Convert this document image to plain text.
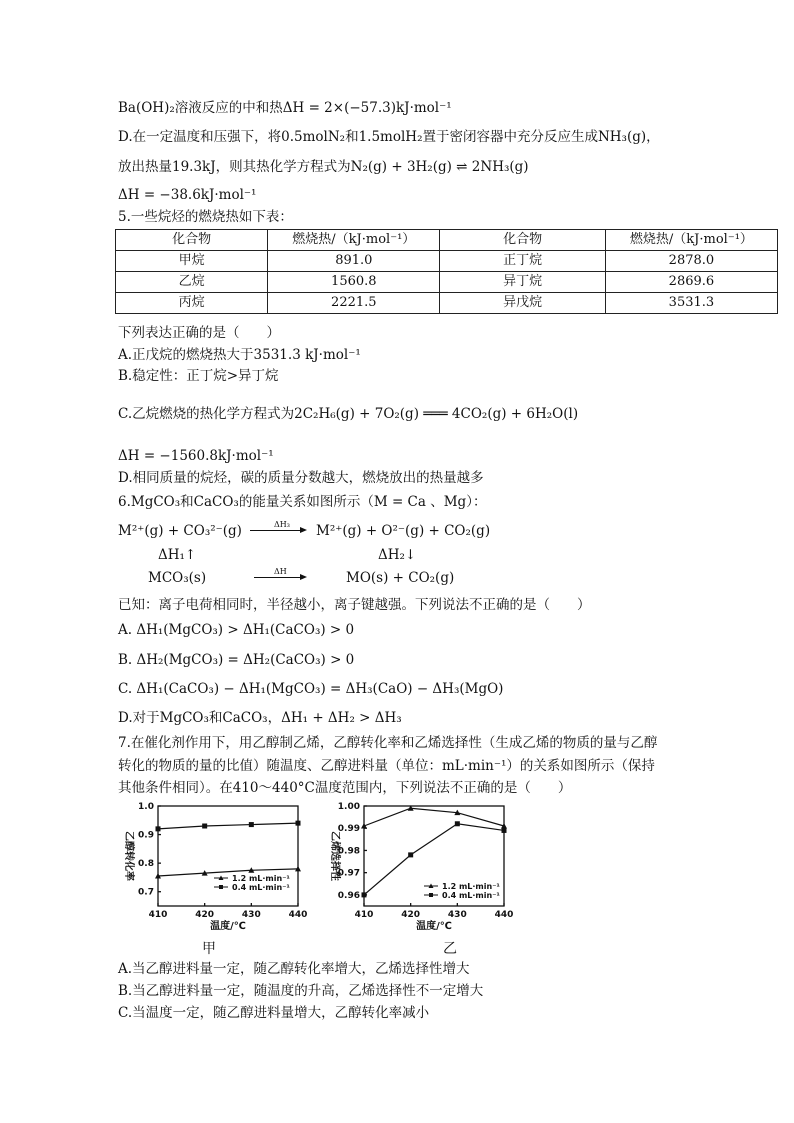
Ba(OH)₂溶液反应的中和热ΔH = 2×(−57.3)kJ·mol⁻¹
D.在一定温度和压强下，将0.5molN₂和1.5molH₂置于密闭容器中充分反应生成NH₃(g)，
放出热量19.3kJ，则其热化学方程式为N₂(g) + 3H₂(g) ⇌ 2NH₃(g)
ΔH = −38.6kJ·mol⁻¹
5.一些烷烃的燃烧热如下表：
化合物	燃烧热/（kJ·mol⁻¹）	化合物	燃烧热/（kJ·mol⁻¹）
甲烷	891.0	正丁烷	2878.0
乙烷	1560.8	异丁烷	2869.6
丙烷	2221.5	异戊烷	3531.3
下列表达正确的是（　　）
A.正戊烷的燃烧热大于3531.3 kJ·mol⁻¹
B.稳定性：正丁烷>异丁烷
C.乙烷燃烧的热化学方程式为2C₂H₆(g) + 7O₂(g) ═══ 4CO₂(g) + 6H₂O(l)
ΔH = −1560.8kJ·mol⁻¹
D.相同质量的烷烃，碳的质量分数越大，燃烧放出的热量越多
6.MgCO₃和CaCO₃的能量关系如图所示（M = Ca 、Mg）：
M²⁺(g) + CO₃²⁻(g)	ΔH₃ M²⁺(g) + O²⁻(g) + CO₂(g)
ΔH₁↑	ΔH₂↓
MCO₃(s)	ΔH	MO(s) + CO₂(g)
已知：离子电荷相同时，半径越小，离子键越强。下列说法不正确的是（　　）
A. ΔH₁(MgCO₃) > ΔH₁(CaCO₃) > 0
B. ΔH₂(MgCO₃) = ΔH₂(CaCO₃) > 0
C. ΔH₁(CaCO₃) − ΔH₁(MgCO₃) = ΔH₃(CaO) − ΔH₃(MgO)
D.对于MgCO₃和CaCO₃，ΔH₁ + ΔH₂ > ΔH₃
7.在催化剂作用下，用乙醇制乙烯，乙醇转化率和乙烯选择性（生成乙烯的物质的量与乙醇
转化的物质的量的比值）随温度、乙醇进料量（单位：mL·min⁻¹）的关系如图所示（保持
其他条件相同）。在410～440°C温度范围内，下列说法不正确的是（　　）
410	420	430	440
0.7
0.8
0.9
1.0
温度/℃
乙醇转化率	1.2 mL·min⁻¹
0.4 mL·min⁻¹
甲
410	420	430	440
0.96
0.97
0.98
0.99
1.00
温度/℃
乙烯选择性
1.2 mL·min⁻¹
0.4 mL·min⁻¹
乙
A.当乙醇进料量一定，随乙醇转化率增大，乙烯选择性增大
B.当乙醇进料量一定，随温度的升高，乙烯选择性不一定增大
C.当温度一定，随乙醇进料量增大，乙醇转化率减小
